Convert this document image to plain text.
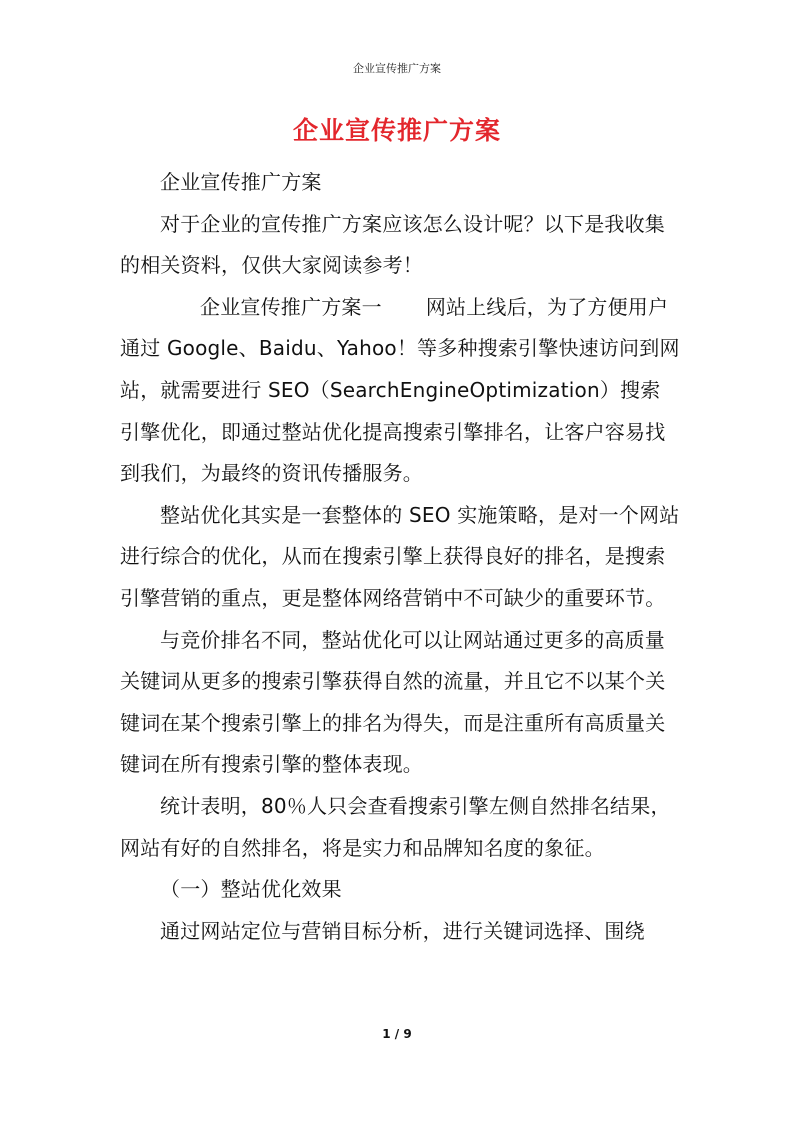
企业宣传推广方案
企业宣传推广方案

企业宣传推广方案

对于企业的宣传推广方案应该怎么设计呢？以下是我收集的相关资料，仅供大家阅读参考！

企业宣传推广方案一 网站上线后，为了方便用户通过 Google、Baidu、Yahoo！等多种搜索引擎快速访问到网站，就需要进行 SEO（SearchEngineOptimization）搜索引擎优化，即通过整站优化提高搜索引擎排名，让客户容易找到我们，为最终的资讯传播服务。

整站优化其实是一套整体的 SEO 实施策略，是对一个网站进行综合的优化，从而在搜索引擎上获得良好的排名，是搜索引擎营销的重点，更是整体网络营销中不可缺少的重要环节。

与竞价排名不同，整站优化可以让网站通过更多的高质量关键词从更多的搜索引擎获得自然的流量，并且它不以某个关键词在某个搜索引擎上的排名为得失，而是注重所有高质量关键词在所有搜索引擎的整体表现。

统计表明，80％人只会查看搜索引擎左侧自然排名结果，网站有好的自然排名，将是实力和品牌知名度的象征。

（一）整站优化效果

通过网站定位与营销目标分析，进行关键词选择、围绕

1 / 9
